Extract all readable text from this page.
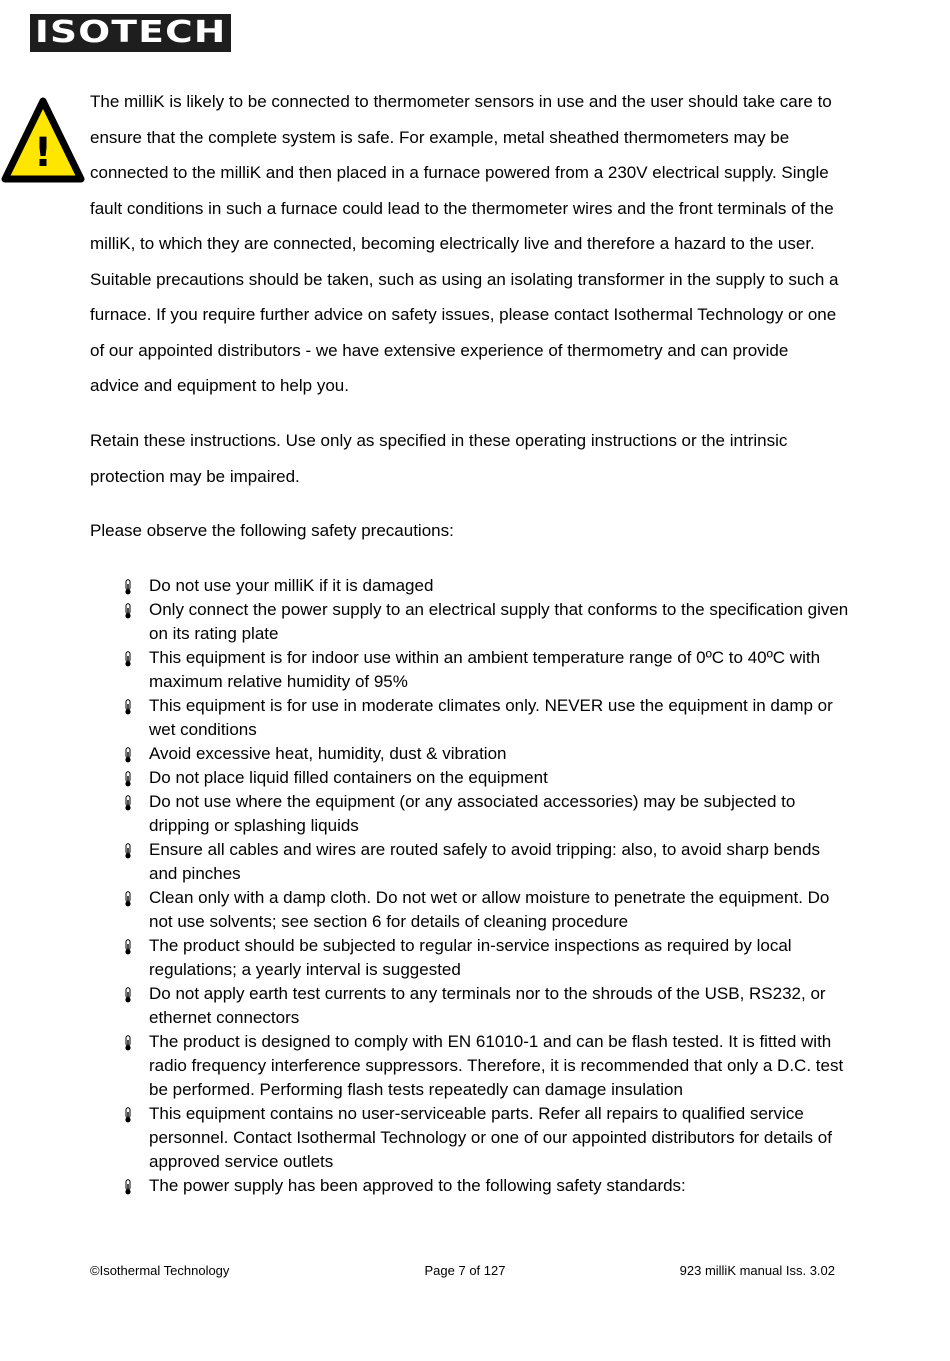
ISOTECH
!

The milliK is likely to be connected to thermometer sensors in use and the user should take care to ensure that the complete system is safe. For example, metal sheathed thermometers may be connected to the milliK and then placed in a furnace powered from a 230V electrical supply. Single fault conditions in such a furnace could lead to the thermometer wires and the front terminals of the milliK, to which they are connected, becoming electrically live and therefore a hazard to the user. Suitable precautions should be taken, such as using an isolating transformer in the supply to such a furnace. If you require further advice on safety issues, please contact Isothermal Technology or one of our appointed distributors - we have extensive experience of thermometry and can provide advice and equipment to help you.

Retain these instructions. Use only as specified in these operating instructions or the intrinsic protection may be impaired.

Please observe the following safety precautions:

Do not use your milliK if it is damaged
Only connect the power supply to an electrical supply that conforms to the specification given on its rating plate
This equipment is for indoor use within an ambient temperature range of 0ºC to 40ºC with maximum relative humidity of 95%
This equipment is for use in moderate climates only. NEVER use the equipment in damp or wet conditions
Avoid excessive heat, humidity, dust & vibration
Do not place liquid filled containers on the equipment
Do not use where the equipment (or any associated accessories) may be subjected to dripping or splashing liquids
Ensure all cables and wires are routed safely to avoid tripping: also, to avoid sharp bends and pinches
Clean only with a damp cloth. Do not wet or allow moisture to penetrate the equipment. Do not use solvents; see section 6 for details of cleaning procedure
The product should be subjected to regular in-service inspections as required by local regulations; a yearly interval is suggested
Do not apply earth test currents to any terminals nor to the shrouds of the USB, RS232, or ethernet connectors
The product is designed to comply with EN 61010-1 and can be flash tested. It is fitted with radio frequency interference suppressors. Therefore, it is recommended that only a D.C. test be performed. Performing flash tests repeatedly can damage insulation
This equipment contains no user-serviceable parts. Refer all repairs to qualified service personnel. Contact Isothermal Technology or one of our appointed distributors for details of approved service outlets
The power supply has been approved to the following safety standards:
©Isothermal Technology	Page 7 of 127	923 milliK manual Iss. 3.02
